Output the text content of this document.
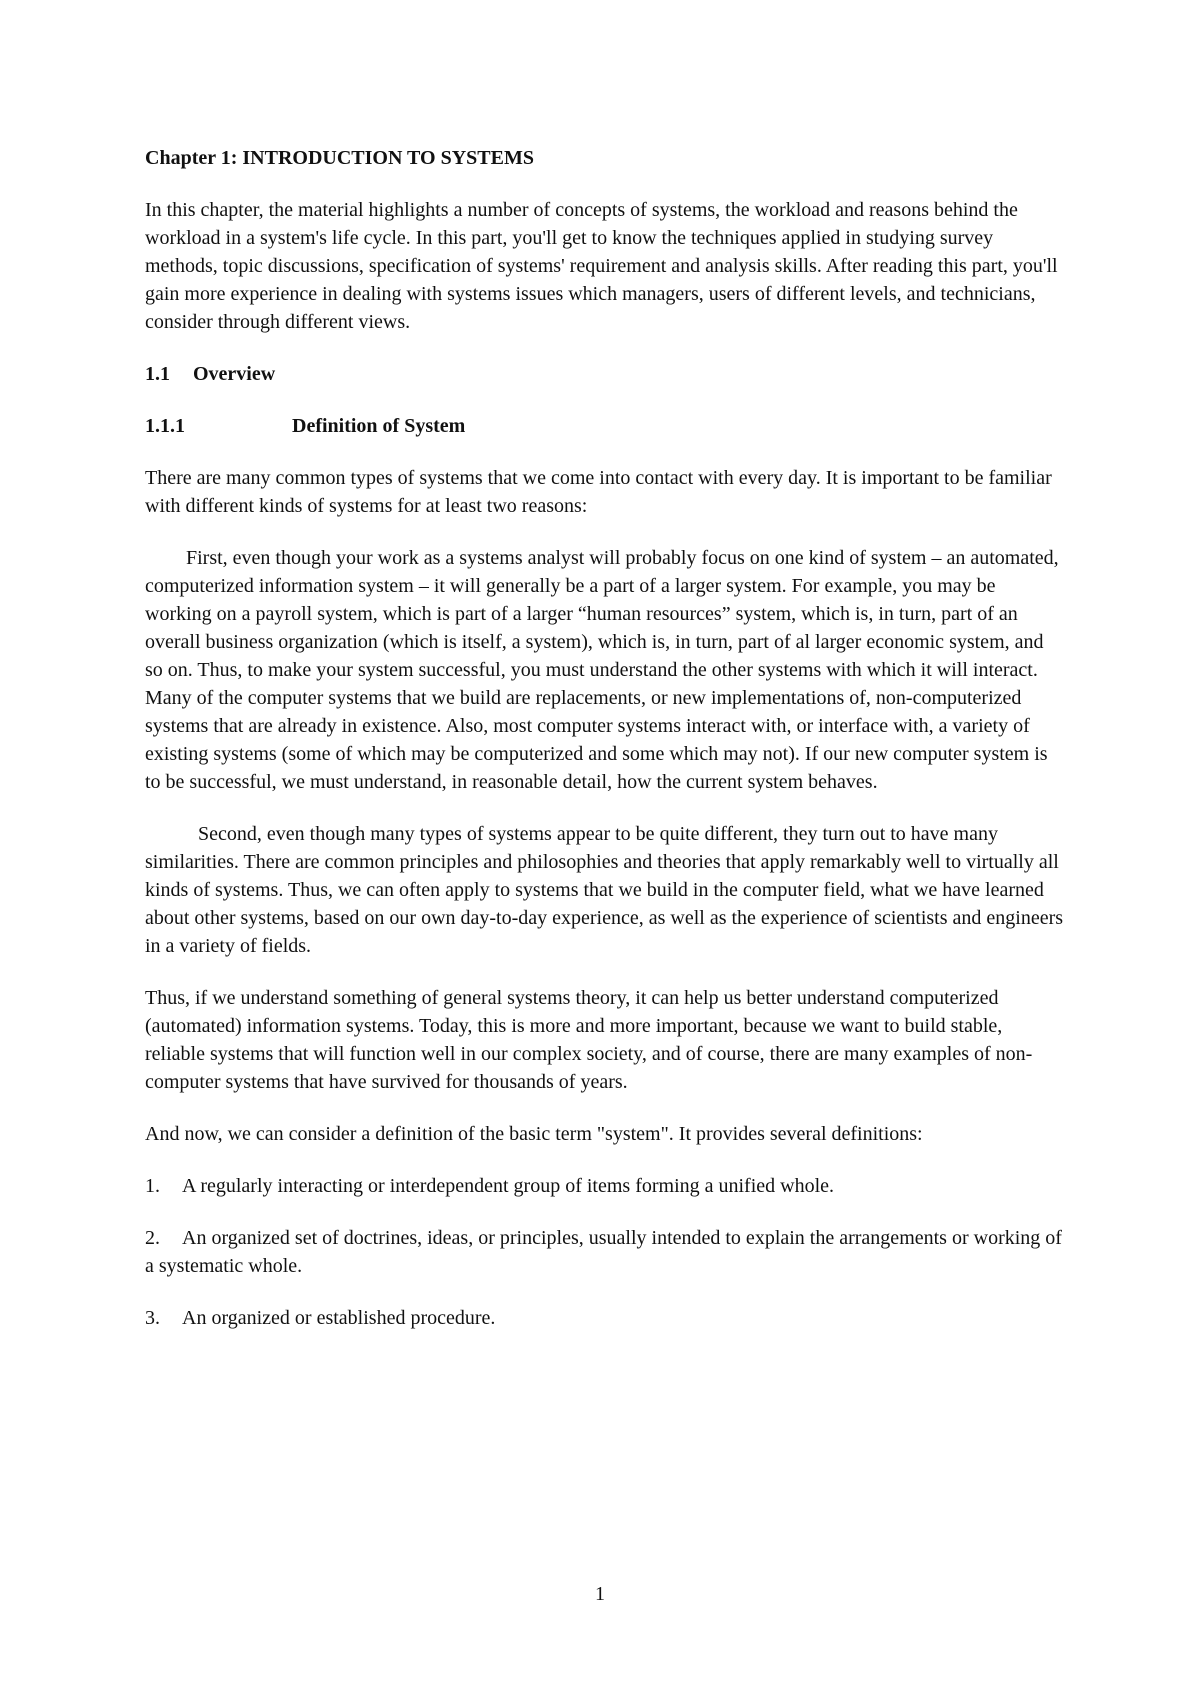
Chapter 1: INTRODUCTION TO SYSTEMS

In this chapter, the material highlights a number of concepts of systems, the workload and reasons behind the workload in a system's life cycle. In this part, you'll get to know the techniques applied in studying survey methods, topic discussions, specification of systems' requirement and analysis skills. After reading this part, you'll gain more experience in dealing with systems issues which managers, users of different levels, and technicians, consider through different views.

1.1 Overview

1.1.1	Definition of System

There are many common types of systems that we come into contact with every day. It is important to be familiar with different kinds of systems for at least two reasons:

First, even though your work as a systems analyst will probably focus on one kind of system – an automated, computerized information system – it will generally be a part of a larger system. For example, you may be working on a payroll system, which is part of a larger “human resources” system, which is, in turn, part of an overall business organization (which is itself, a system), which is, in turn, part of al larger economic system, and so on. Thus, to make your system successful, you must understand the other systems with which it will interact. Many of the computer systems that we build are replacements, or new implementations of, non-computerized systems that are already in existence. Also, most computer systems interact with, or interface with, a variety of existing systems (some of which may be computerized and some which may not). If our new computer system is to be successful, we must understand, in reasonable detail, how the current system behaves.

Second, even though many types of systems appear to be quite different, they turn out to have many similarities. There are common principles and philosophies and theories that apply remarkably well to virtually all kinds of systems. Thus, we can often apply to systems that we build in the computer field, what we have learned about other systems, based on our own day-to-day experience, as well as the experience of scientists and engineers in a variety of fields.

Thus, if we understand something of general systems theory, it can help us better understand computerized (automated) information systems. Today, this is more and more important, because we want to build stable, reliable systems that will function well in our complex society, and of course, there are many examples of non-computer systems that have survived for thousands of years.

And now, we can consider a definition of the basic term "system". It provides several definitions:

1. A regularly interacting or interdependent group of items forming a unified whole.

2. An organized set of doctrines, ideas, or principles, usually intended to explain the arrangements or working of a systematic whole.

3. An organized or established procedure.

1
